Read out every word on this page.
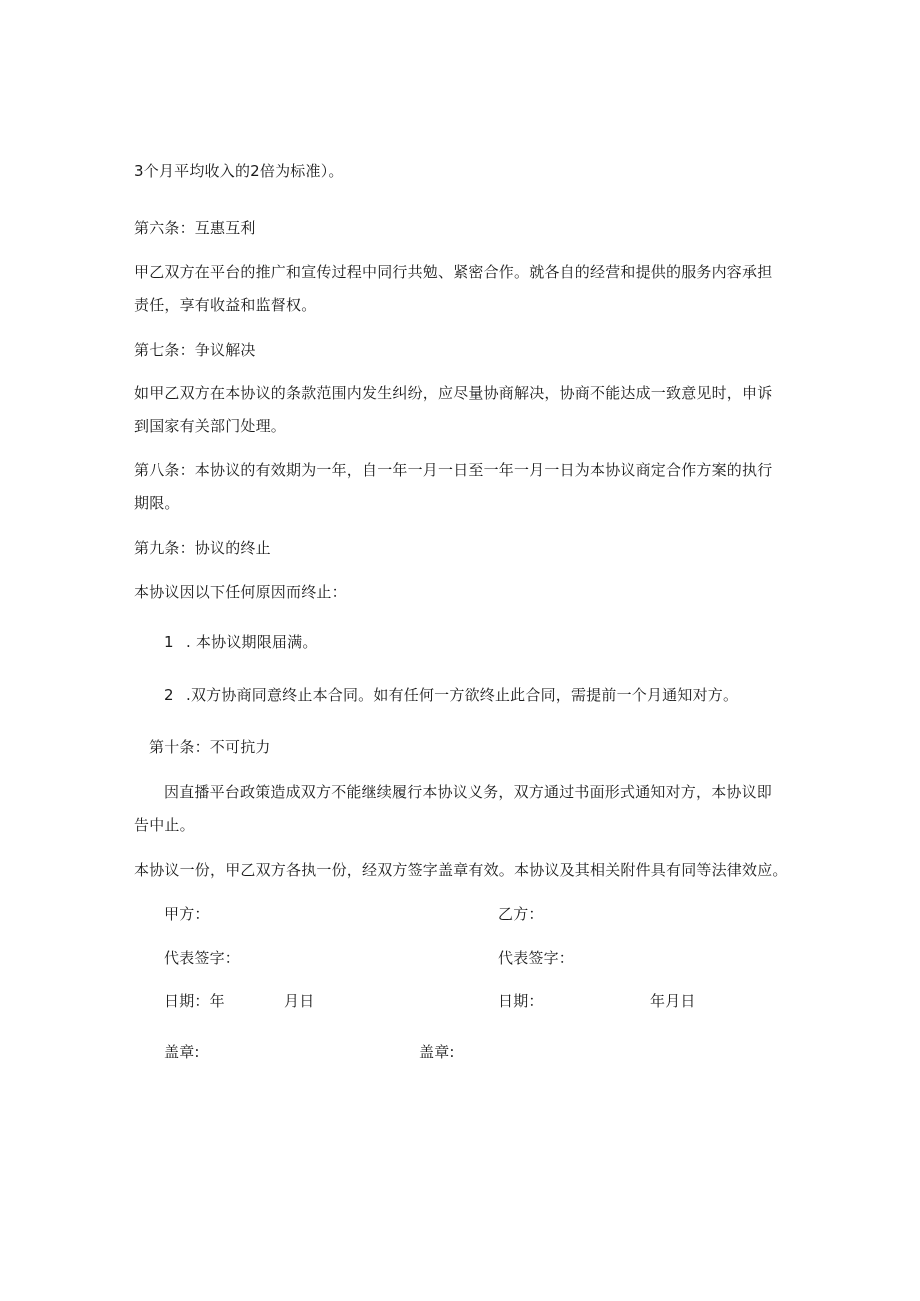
3个月平均收入的2倍为标准）。
第六条：互惠互利
甲乙双方在平台的推广和宣传过程中同行共勉、紧密合作。就各自的经营和提供的服务内容承担
责任，享有收益和监督权。
第七条：争议解决
如甲乙双方在本协议的条款范围内发生纠纷，应尽量协商解决，协商不能达成一致意见时，申诉
到国家有关部门处理。
第八条：本协议的有效期为一年，自一年一月一日至一年一月一日为本协议商定合作方案的执行
期限。
第九条：协议的终止
本协议因以下任何原因而终止：
1 . 本协议期限届满。
2 .双方协商同意终止本合同。如有任何一方欲终止此合同，需提前一个月通知对方。
第十条：不可抗力
因直播平台政策造成双方不能继续履行本协议义务，双方通过书面形式通知对方，本协议即
告中止。
本协议一份，甲乙双方各执一份，经双方签字盖章有效。本协议及其相关附件具有同等法律效应。
甲方：	乙方：
代表签字：	代表签字：
日期：年	月日	日期：	年月日
盖章:	盖章:
